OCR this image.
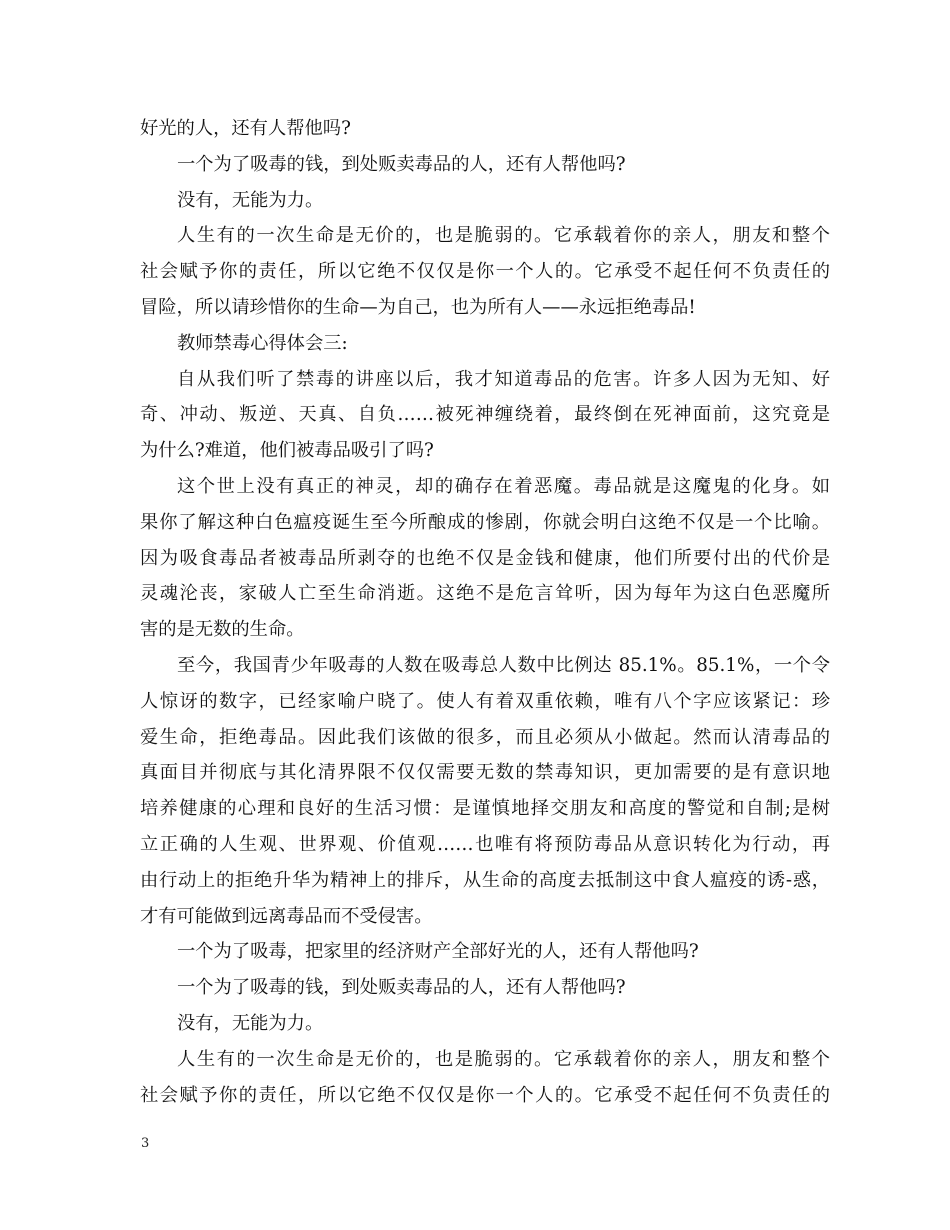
好光的人，还有人帮他吗?

一个为了吸毒的钱，到处贩卖毒品的人，还有人帮他吗?

没有，无能为力。

人生有的一次生命是无价的，也是脆弱的。它承载着你的亲人，朋友和整个

社会赋予你的责任，所以它绝不仅仅是你一个人的。它承受不起任何不负责任的

冒险，所以请珍惜你的生命—为自己，也为所有人——永远拒绝毒品!

教师禁毒心得体会三:

自从我们听了禁毒的讲座以后，我才知道毒品的危害。许多人因为无知、好

奇、冲动、叛逆、天真、自负……被死神缠绕着，最终倒在死神面前，这究竟是

为什么?难道，他们被毒品吸引了吗?

这个世上没有真正的神灵，却的确存在着恶魔。毒品就是这魔鬼的化身。如

果你了解这种白色瘟疫诞生至今所酿成的惨剧，你就会明白这绝不仅是一个比喻。

因为吸食毒品者被毒品所剥夺的也绝不仅是金钱和健康，他们所要付出的代价是

灵魂沦丧，家破人亡至生命消逝。这绝不是危言耸听，因为每年为这白色恶魔所

害的是无数的生命。

至今，我国青少年吸毒的人数在吸毒总人数中比例达 85.1%。85.1%，一个令

人惊讶的数字，已经家喻户晓了。使人有着双重依赖，唯有八个字应该紧记：珍

爱生命，拒绝毒品。因此我们该做的很多，而且必须从小做起。然而认清毒品的

真面目并彻底与其化清界限不仅仅需要无数的禁毒知识，更加需要的是有意识地

培养健康的心理和良好的生活习惯：是谨慎地择交朋友和高度的警觉和自制;是树

立正确的人生观、世界观、价值观……也唯有将预防毒品从意识转化为行动，再

由行动上的拒绝升华为精神上的排斥，从生命的高度去抵制这中食人瘟疫的诱-惑，

才有可能做到远离毒品而不受侵害。

一个为了吸毒，把家里的经济财产全部好光的人，还有人帮他吗?

一个为了吸毒的钱，到处贩卖毒品的人，还有人帮他吗?

没有，无能为力。

人生有的一次生命是无价的，也是脆弱的。它承载着你的亲人，朋友和整个

社会赋予你的责任，所以它绝不仅仅是你一个人的。它承受不起任何不负责任的

3
